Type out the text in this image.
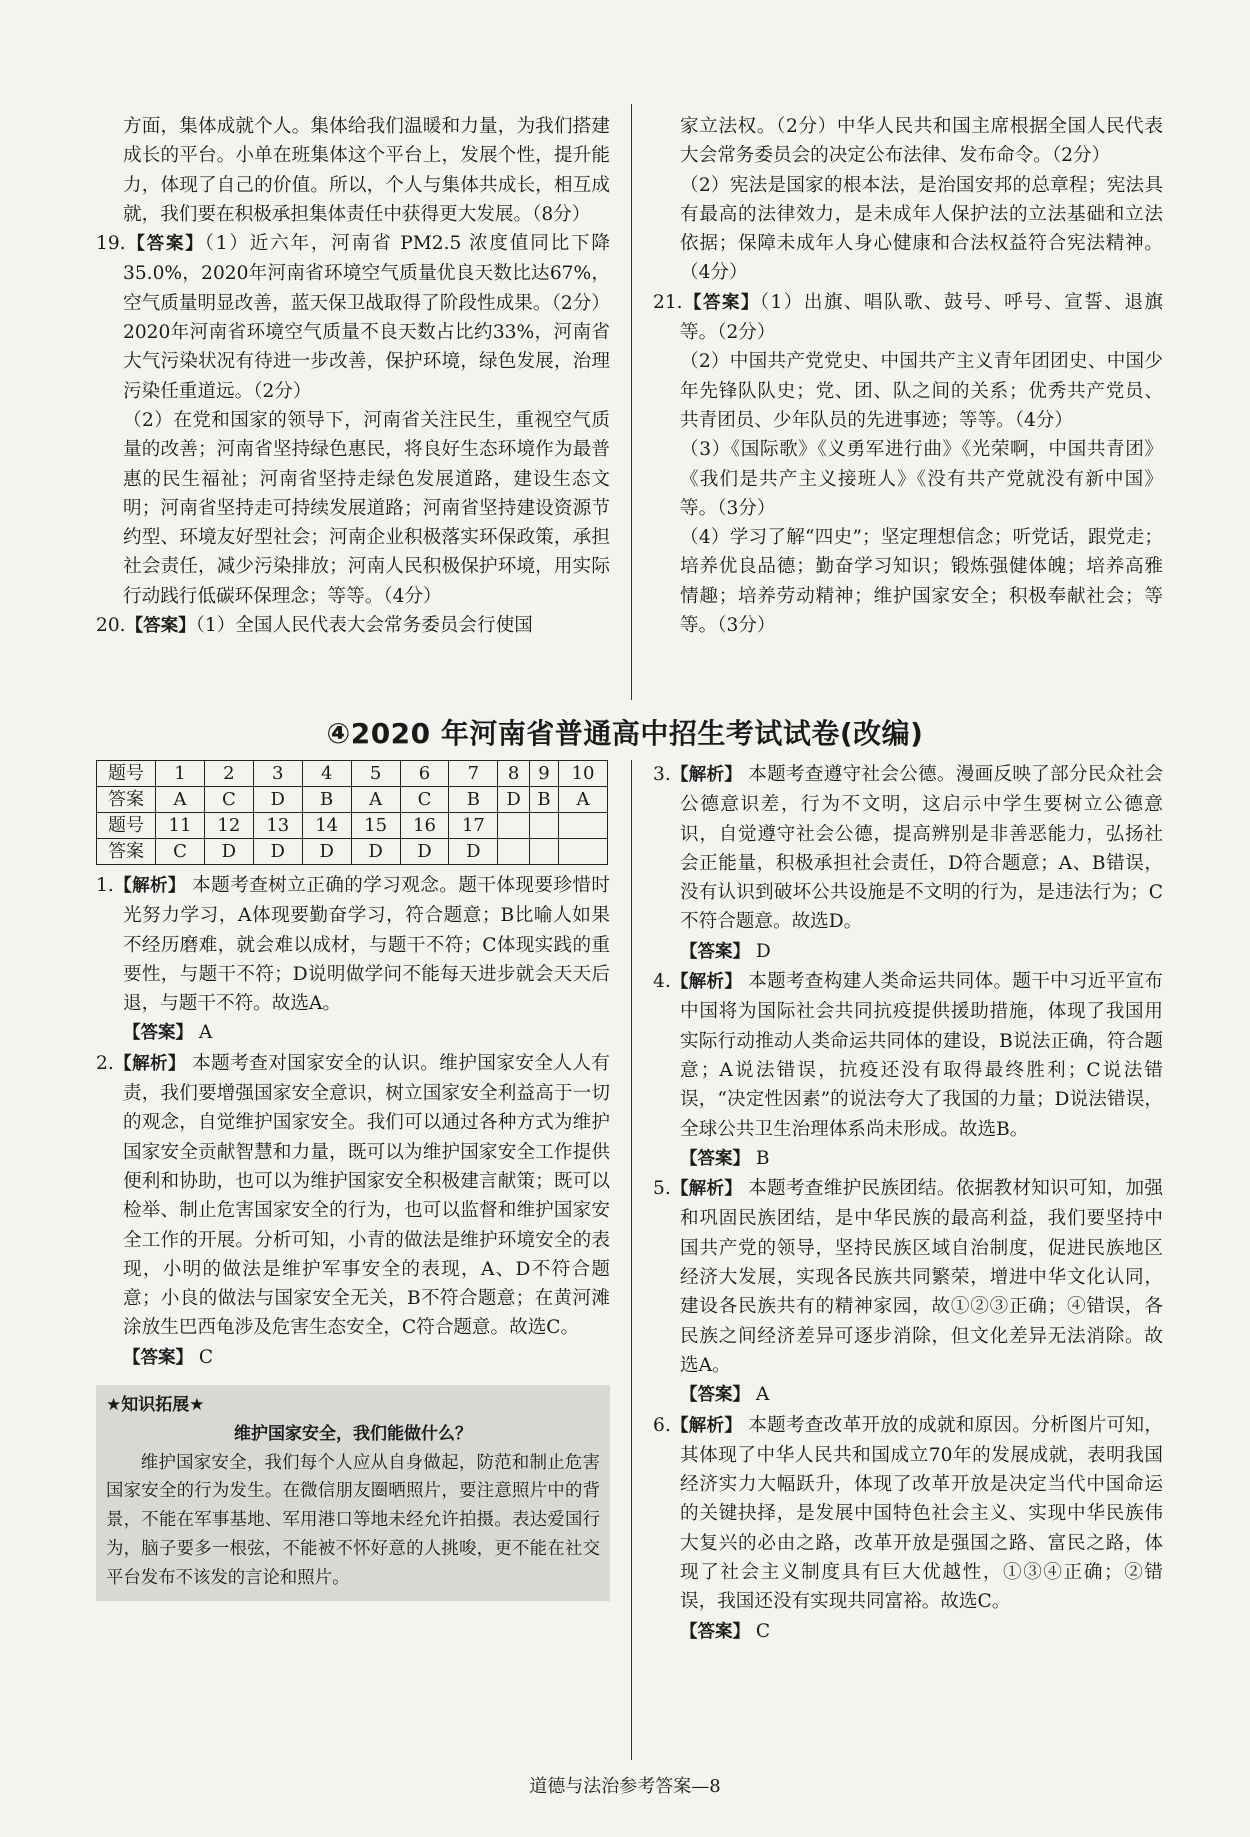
方面，集体成就个人。集体给我们温暖和力量，为我们搭建成长的平台。小单在班集体这个平台上，发展个性，提升能力，体现了自己的价值。所以，个人与集体共成长，相互成就，我们要在积极承担集体责任中获得更大发展。（8分）

19.【答案】（1）近六年，河南省 PM2.5 浓度值同比下降35.0%，2020年河南省环境空气质量优良天数比达67%，空气质量明显改善，蓝天保卫战取得了阶段性成果。（2分）2020年河南省环境空气质量不良天数占比约33%，河南省大气污染状况有待进一步改善，保护环境，绿色发展，治理污染任重道远。（2分）

（2）在党和国家的领导下，河南省关注民生，重视空气质量的改善；河南省坚持绿色惠民，将良好生态环境作为最普惠的民生福祉；河南省坚持走绿色发展道路，建设生态文明；河南省坚持走可持续发展道路；河南省坚持建设资源节约型、环境友好型社会；河南企业积极落实环保政策，承担社会责任，减少污染排放；河南人民积极保护环境，用实际行动践行低碳环保理念；等等。（4分）

20.【答案】（1）全国人民代表大会常务委员会行使国

家立法权。（2分）中华人民共和国主席根据全国人民代表大会常务委员会的决定公布法律、发布命令。（2分）

（2）宪法是国家的根本法，是治国安邦的总章程；宪法具有最高的法律效力，是未成年人保护法的立法基础和立法依据；保障未成年人身心健康和合法权益符合宪法精神。（4分）

21.【答案】（1）出旗、唱队歌、鼓号、呼号、宣誓、退旗等。（2分）

（2）中国共产党党史、中国共产主义青年团团史、中国少年先锋队队史；党、团、队之间的关系；优秀共产党员、共青团员、少年队员的先进事迹；等等。（4分）

（3）《国际歌》《义勇军进行曲》《光荣啊，中国共青团》《我们是共产主义接班人》《没有共产党就没有新中国》等。（3分）

（4）学习了解“四史”；坚定理想信念；听党话，跟党走；培养优良品德；勤奋学习知识；锻炼强健体魄；培养高雅情趣；培养劳动精神；维护国家安全；积极奉献社会；等等。（3分）

④2020 年河南省普通高中招生考试试卷(改编)
题号	1	2	3	4	5	6	7	8	9	10
答案	A	C	D	B	A	C	B	D	B	A
题号	11	12	13	14	15	16	17			
答案	C	D	D	D	D	D	D			

1.【解析】 本题考查树立正确的学习观念。题干体现要珍惜时光努力学习，A体现要勤奋学习，符合题意；B比喻人如果不经历磨难，就会难以成材，与题干不符；C体现实践的重要性，与题干不符；D说明做学问不能每天进步就会天天后退，与题干不符。故选A。

【答案】 A

2.【解析】 本题考查对国家安全的认识。维护国家安全人人有责，我们要增强国家安全意识，树立国家安全利益高于一切的观念，自觉维护国家安全。我们可以通过各种方式为维护国家安全贡献智慧和力量，既可以为维护国家安全工作提供便利和协助，也可以为维护国家安全积极建言献策；既可以检举、制止危害国家安全的行为，也可以监督和维护国家安全工作的开展。分析可知，小青的做法是维护环境安全的表现，小明的做法是维护军事安全的表现，A、D不符合题意；小良的做法与国家安全无关，B不符合题意；在黄河滩涂放生巴西龟涉及危害生态安全，C符合题意。故选C。

【答案】 C

★知识拓展★
维护国家安全，我们能做什么？
维护国家安全，我们每个人应从自身做起，防范和制止危害国家安全的行为发生。在微信朋友圈晒照片，要注意照片中的背景，不能在军事基地、军用港口等地未经允许拍摄。表达爱国行为，脑子要多一根弦，不能被不怀好意的人挑唆，更不能在社交平台发布不该发的言论和照片。

3.【解析】 本题考查遵守社会公德。漫画反映了部分民众社会公德意识差，行为不文明，这启示中学生要树立公德意识，自觉遵守社会公德，提高辨别是非善恶能力，弘扬社会正能量，积极承担社会责任，D符合题意；A、B错误，没有认识到破坏公共设施是不文明的行为，是违法行为；C不符合题意。故选D。

【答案】 D

4.【解析】 本题考查构建人类命运共同体。题干中习近平宣布中国将为国际社会共同抗疫提供援助措施，体现了我国用实际行动推动人类命运共同体的建设，B说法正确，符合题意；A说法错误，抗疫还没有取得最终胜利；C说法错误，“决定性因素”的说法夸大了我国的力量；D说法错误，全球公共卫生治理体系尚未形成。故选B。

【答案】 B

5.【解析】 本题考查维护民族团结。依据教材知识可知，加强和巩固民族团结，是中华民族的最高利益，我们要坚持中国共产党的领导，坚持民族区域自治制度，促进民族地区经济大发展，实现各民族共同繁荣，增进中华文化认同，建设各民族共有的精神家园，故①②③正确；④错误，各民族之间经济差异可逐步消除，但文化差异无法消除。故选A。

【答案】 A

6.【解析】 本题考查改革开放的成就和原因。分析图片可知，其体现了中华人民共和国成立70年的发展成就，表明我国经济实力大幅跃升，体现了改革开放是决定当代中国命运的关键抉择，是发展中国特色社会主义、实现中华民族伟大复兴的必由之路，改革开放是强国之路、富民之路，体现了社会主义制度具有巨大优越性，①③④正确；②错误，我国还没有实现共同富裕。故选C。

【答案】 C

道德与法治参考答案—8
